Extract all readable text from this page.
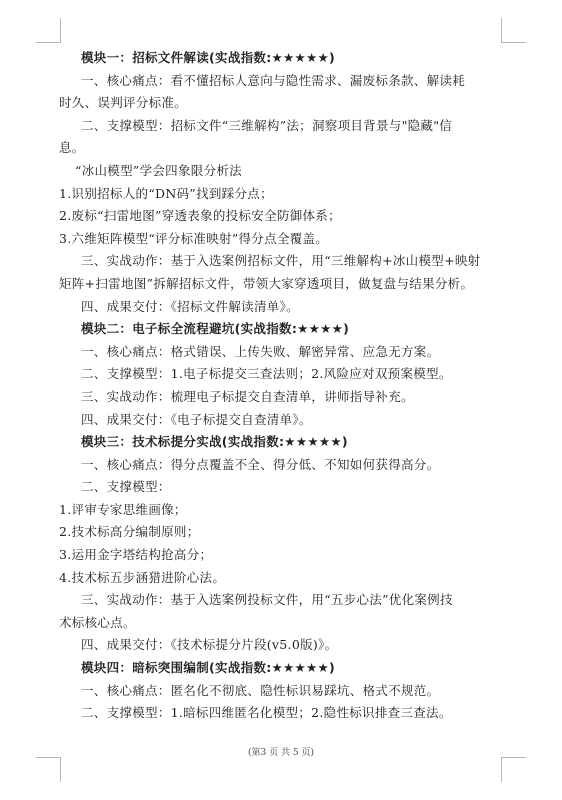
模块一：招标文件解读(实战指数:★★★★★)

一、核心痛点：看不懂招标人意向与隐性需求、漏废标条款、解读耗

时久、误判评分标准。

二、支撑模型：招标文件“三维解构”法；洞察项目背景与"隐藏"信

息。

“冰山模型”学会四象限分析法

1.识别招标人的“DN码”找到踩分点；

2.废标“扫雷地图”穿透表象的投标安全防御体系；

3.六维矩阵模型“评分标准映射”得分点全覆盖。

三、实战动作：基于入选案例招标文件，用“三维解构+冰山模型+映射

矩阵+扫雷地图”拆解招标文件，带领大家穿透项目，做复盘与结果分析。

四、成果交付：《招标文件解读清单》。

模块二：电子标全流程避坑(实战指数:★★★★)

一、核心痛点：格式错误、上传失败、解密异常、应急无方案。

二、支撑模型：1.电子标提交三查法则；2.风险应对双预案模型。

三、实战动作：梳理电子标提交自查清单，讲师指导补充。

四、成果交付：《电子标提交自查清单》。

模块三：技术标提分实战(实战指数:★★★★★)

一、核心痛点：得分点覆盖不全、得分低、不知如何获得高分。

二、支撑模型：

1.评审专家思维画像；

2.技术标高分编制原则；

3.运用金字塔结构抢高分；

4.技术标五步涵猎进阶心法。

三、实战动作：基于入选案例投标文件，用“五步心法”优化案例技

术标核心点。

四、成果交付：《技术标提分片段(v5.0版)》。

模块四：暗标突围编制(实战指数:★★★★★)

一、核心痛点：匿名化不彻底、隐性标识易踩坑、格式不规范。

二、支撑模型：1.暗标四维匿名化模型；2.隐性标识排查三查法。

(第3 页 共 5 页)
